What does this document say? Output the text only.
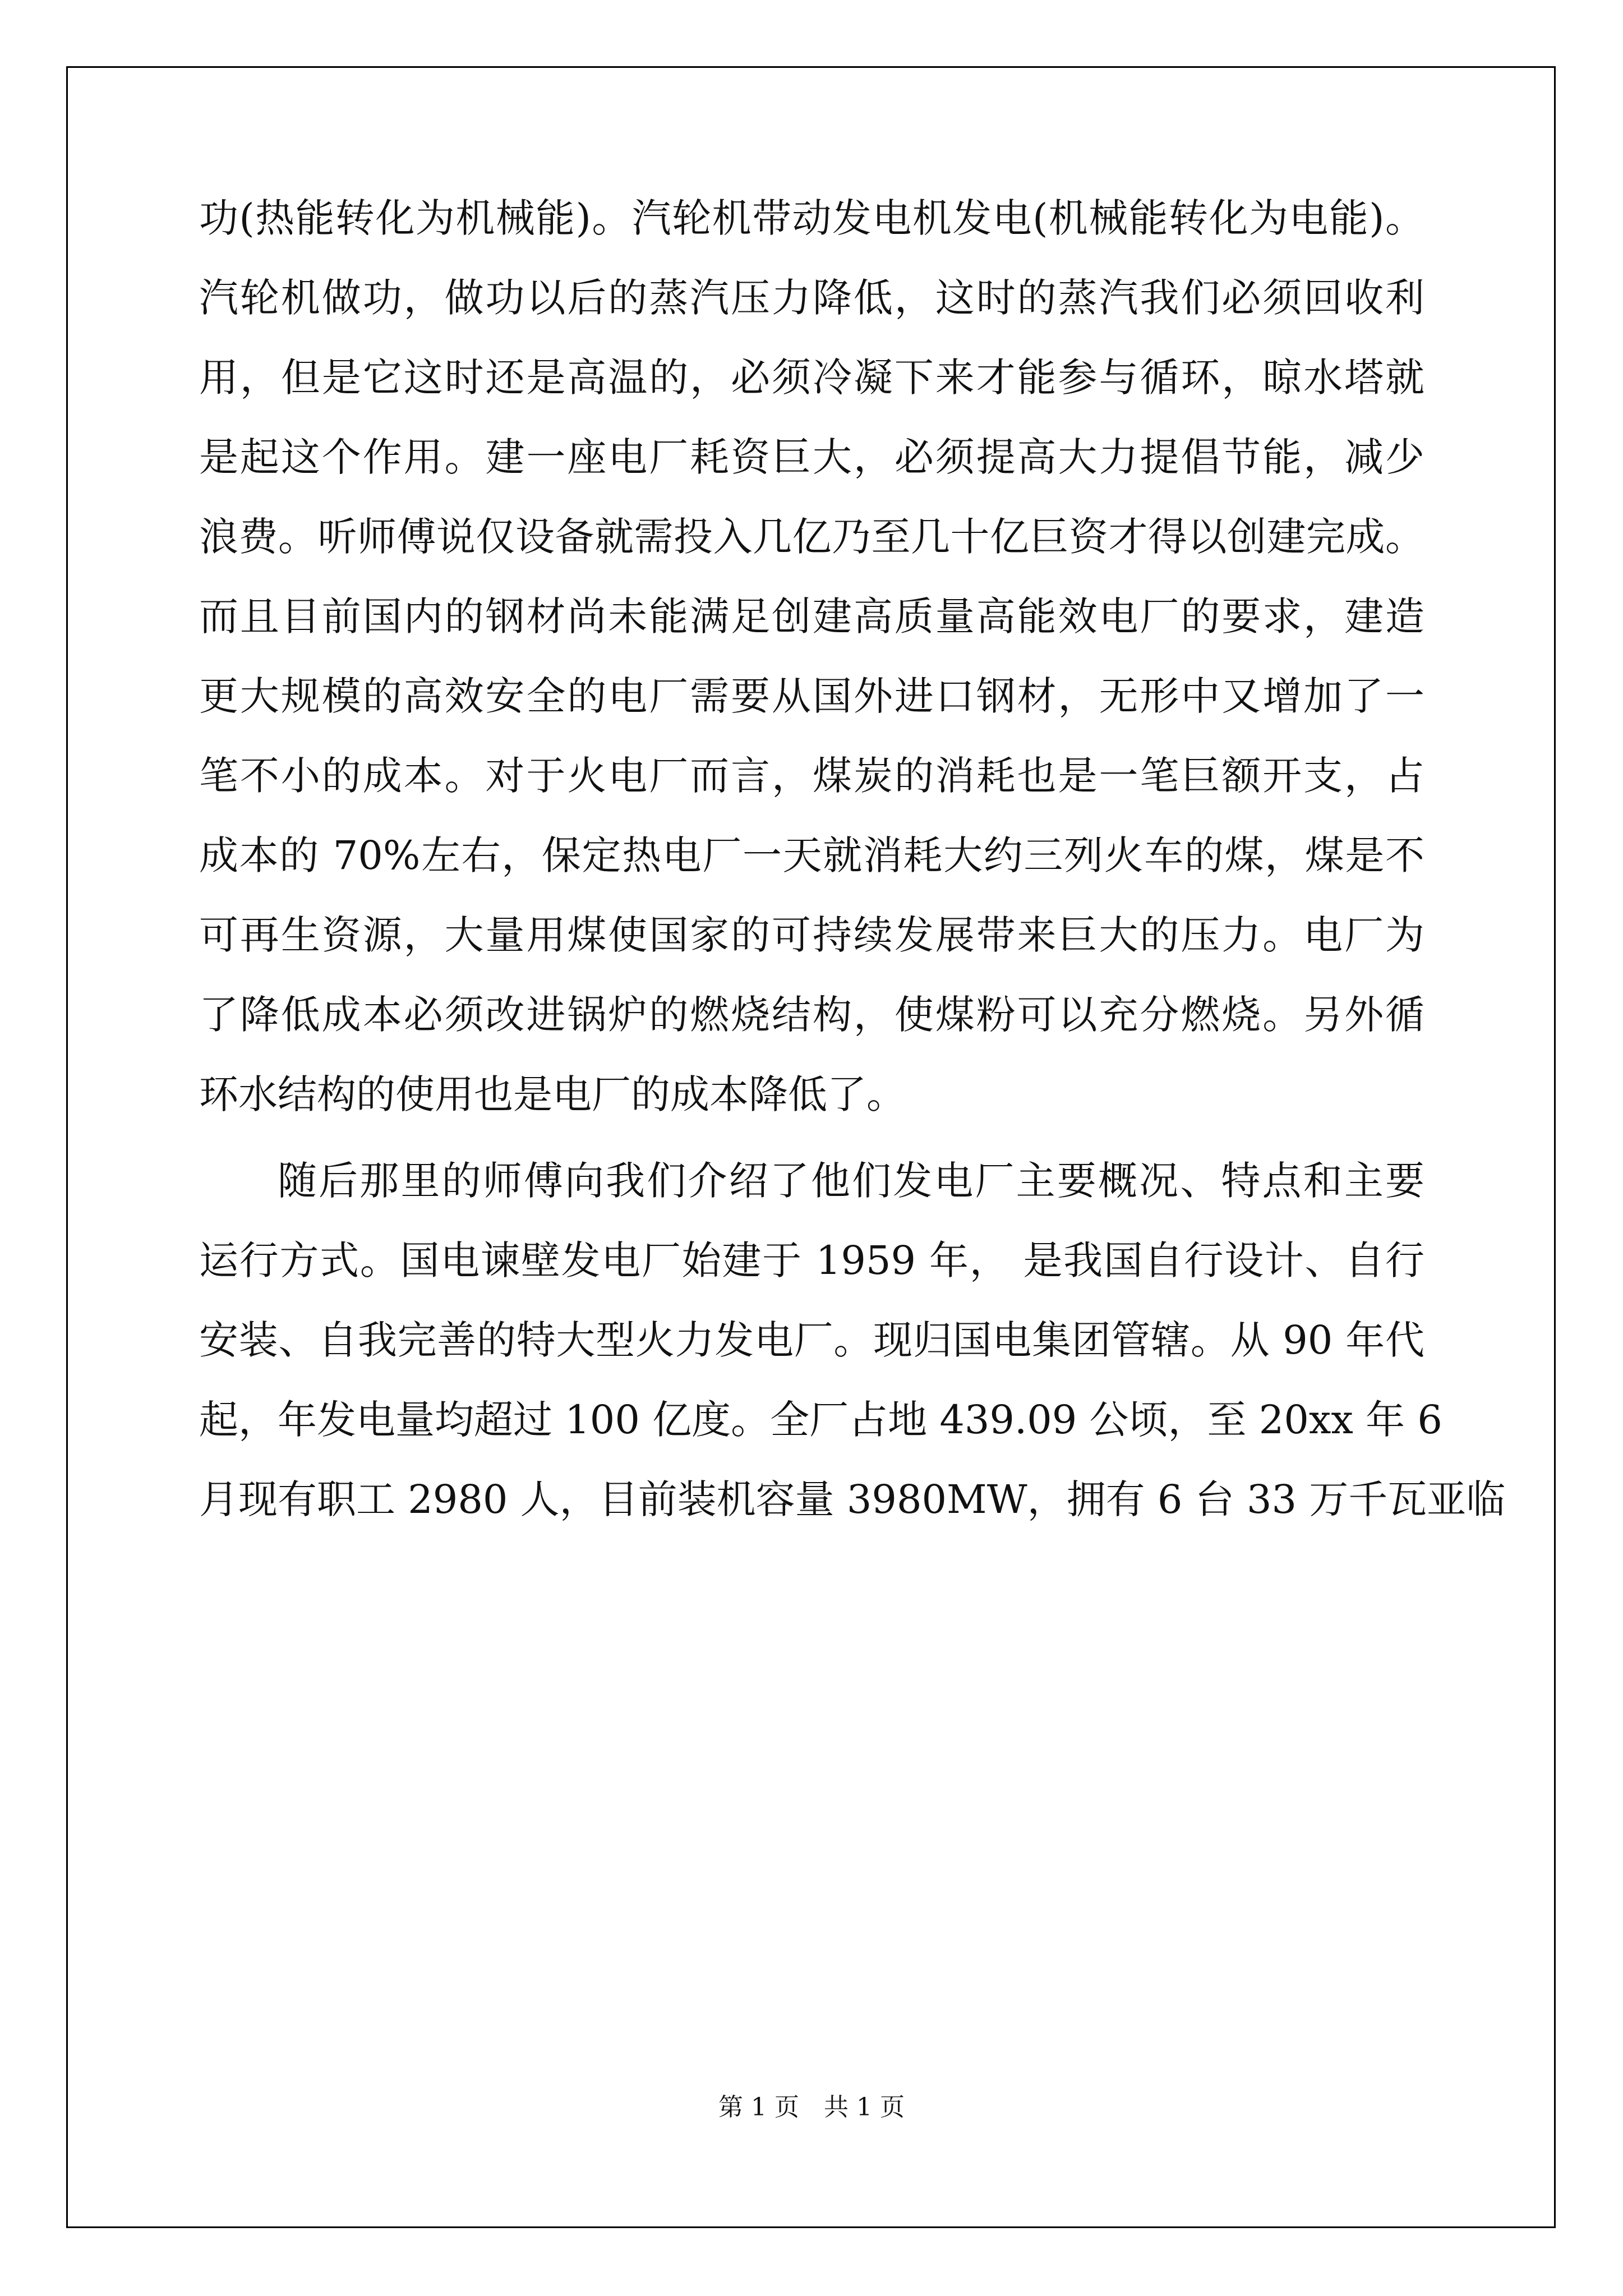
功(热能转化为机械能)。汽轮机带动发电机发电(机械能转化为电能)。
汽轮机做功，做功以后的蒸汽压力降低，这时的蒸汽我们必须回收利
用，但是它这时还是高温的，必须冷凝下来才能参与循环，晾水塔就
是起这个作用。建一座电厂耗资巨大，必须提高大力提倡节能，减少
浪费。听师傅说仅设备就需投入几亿乃至几十亿巨资才得以创建完成。
而且目前国内的钢材尚未能满足创建高质量高能效电厂的要求，建造
更大规模的高效安全的电厂需要从国外进口钢材，无形中又增加了一
笔不小的成本。对于火电厂而言，煤炭的消耗也是一笔巨额开支，占
成本的 70%左右，保定热电厂一天就消耗大约三列火车的煤，煤是不
可再生资源，大量用煤使国家的可持续发展带来巨大的压力。电厂为
了降低成本必须改进锅炉的燃烧结构，使煤粉可以充分燃烧。另外循
环水结构的使用也是电厂的成本降低了。
随后那里的师傅向我们介绍了他们发电厂主要概况、特点和主要
运行方式。国电谏壁发电厂始建于 1959 年， 是我国自行设计、自行
安装、自我完善的特大型火力发电厂。现归国电集团管辖。从 90 年代
起，年发电量均超过 100 亿度。全厂占地 439.09 公顷，至 20xx 年 6
月现有职工 2980 人，目前装机容量 3980MW，拥有 6 台 33 万千瓦亚临
第 1 页　共 1 页
